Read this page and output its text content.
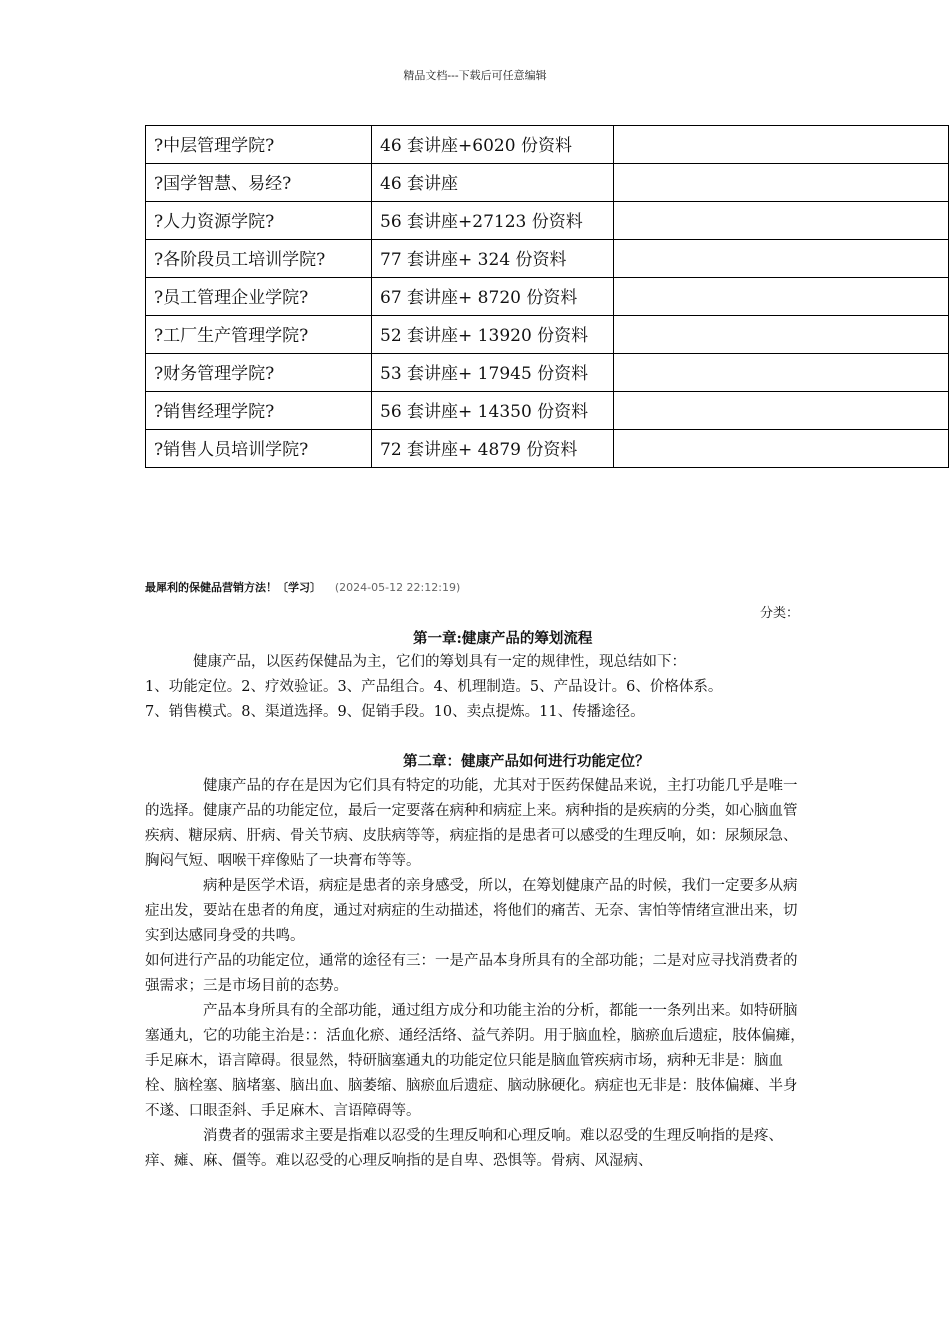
精品文档---下载后可任意编辑
?中层管理学院?	46 套讲座+6020 份资料	
?国学智慧、易经?	46 套讲座	
?人力资源学院?	56 套讲座+27123 份资料	
?各阶段员工培训学院?	77 套讲座+ 324 份资料	
?员工管理企业学院?	67 套讲座+ 8720 份资料	
?工厂生产管理学院?	52 套讲座+ 13920 份资料	
?财务管理学院?	53 套讲座+ 17945 份资料	
?销售经理学院?	56 套讲座+ 14350 份资料	
?销售人员培训学院?	72 套讲座+ 4879 份资料	
最犀利的保健品营销方法！〔学习〕 (2024-05-12 22:12:19)
分类：
第一章:健康产品的筹划流程

健康产品，以医药保健品为主，它们的筹划具有一定的规律性，现总结如下：

1、功能定位。2、疗效验证。3、产品组合。4、机理制造。5、产品设计。6、价格体系。

7、销售模式。8、渠道选择。9、促销手段。10、卖点提炼。11、传播途径。

第二章：健康产品如何进行功能定位？

健康产品的存在是因为它们具有特定的功能，尤其对于医药保健品来说，主打功能几乎是唯一的选择。健康产品的功能定位，最后一定要落在病种和病症上来。病种指的是疾病的分类，如心脑血管疾病、糖尿病、肝病、骨关节病、皮肤病等等，病症指的是患者可以感受的生理反响，如：尿频尿急、胸闷气短、咽喉干痒像贴了一块膏布等等。

病种是医学术语，病症是患者的亲身感受，所以，在筹划健康产品的时候，我们一定要多从病症出发，要站在患者的角度，通过对病症的生动描述，将他们的痛苦、无奈、害怕等情绪宣泄出来，切实到达感同身受的共鸣。

如何进行产品的功能定位，通常的途径有三：一是产品本身所具有的全部功能；二是对应寻找消费者的强需求；三是市场目前的态势。

产品本身所具有的全部功能，通过组方成分和功能主治的分析，都能一一条列出来。如特研脑塞通丸，它的功能主治是：：活血化瘀、通经活络、益气养阴。用于脑血栓，脑瘀血后遗症，肢体偏瘫，手足麻木，语言障碍。很显然，特研脑塞通丸的功能定位只能是脑血管疾病市场，病种无非是：脑血栓、脑栓塞、脑堵塞、脑出血、脑萎缩、脑瘀血后遗症、脑动脉硬化。病症也无非是：肢体偏瘫、半身不遂、口眼歪斜、手足麻木、言语障碍等。

消费者的强需求主要是指难以忍受的生理反响和心理反响。难以忍受的生理反响指的是疼、痒、瘫、麻、僵等。难以忍受的心理反响指的是自卑、恐惧等。骨病、风湿病、
